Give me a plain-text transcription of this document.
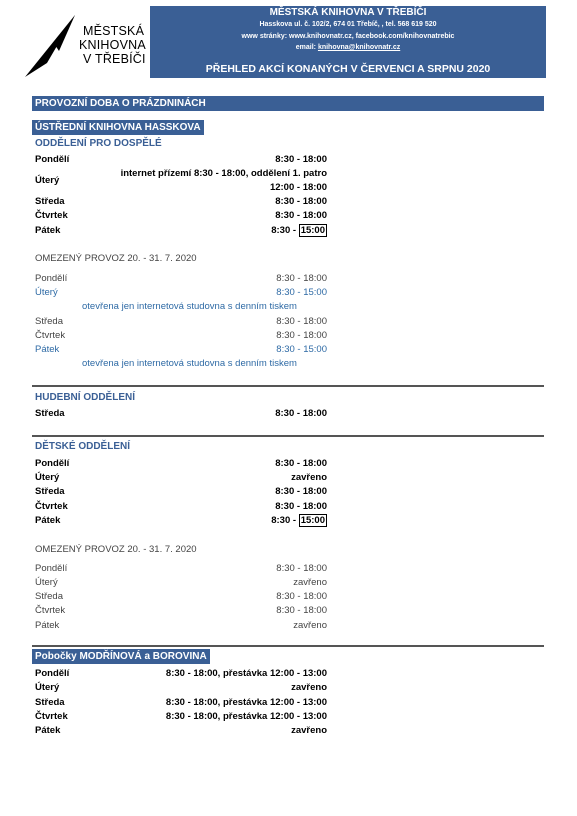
MĚSTSKÁ
KNIHOVNA
V TŘEBÍČI
MĚSTSKÁ KNIHOVNA V TŘEBÍČI
Hasskova ul. č. 102/2, 674 01 Třebíč, , tel. 568 619 520
www stránky: www.knihovnatr.cz, facebook.com/knihovnatrebic
email: knihovna@knihovnatr.cz
PŘEHLED AKCÍ KONANÝCH V ČERVENCI A SRPNU 2020
PROVOZNÍ DOBA O PRÁZDNINÁCH
ÚSTŘEDNÍ KNIHOVNA HASSKOVA
ODDĚLENÍ PRO DOSPĚLÉ
Pondělí	8:30 - 18:00
Úterý
internet přízemí 8:30 - 18:00, oddělení 1. patro
12:00 - 18:00
Středa	8:30 - 18:00
Čtvrtek	8:30 - 18:00
Pátek	8:30 - 15:00
OMEZENÝ PROVOZ 20. - 31. 7. 2020
Pondělí	8:30 - 18:00
Úterý	8:30 - 15:00
otevřena jen internetová studovna s denním tiskem
Středa	8:30 - 18:00
Čtvrtek	8:30 - 18:00
Pátek	8:30 - 15:00
otevřena jen internetová studovna s denním tiskem
HUDEBNÍ ODDĚLENÍ
Středa	8:30 - 18:00
DĚTSKÉ ODDĚLENÍ
Pondělí	8:30 - 18:00
Úterý	zavřeno
Středa	8:30 - 18:00
Čtvrtek	8:30 - 18:00
Pátek	8:30 - 15:00
OMEZENÝ PROVOZ 20. - 31. 7. 2020
Pondělí	8:30 - 18:00
Úterý	zavřeno
Středa	8:30 - 18:00
Čtvrtek	8:30 - 18:00
Pátek	zavřeno
Pobočky MODŘÍNOVÁ a BOROVINA
Pondělí	8:30 - 18:00, přestávka 12:00 - 13:00
Úterý	zavřeno
Středa	8:30 - 18:00, přestávka 12:00 - 13:00
Čtvrtek	8:30 - 18:00, přestávka 12:00 - 13:00
Pátek	zavřeno
